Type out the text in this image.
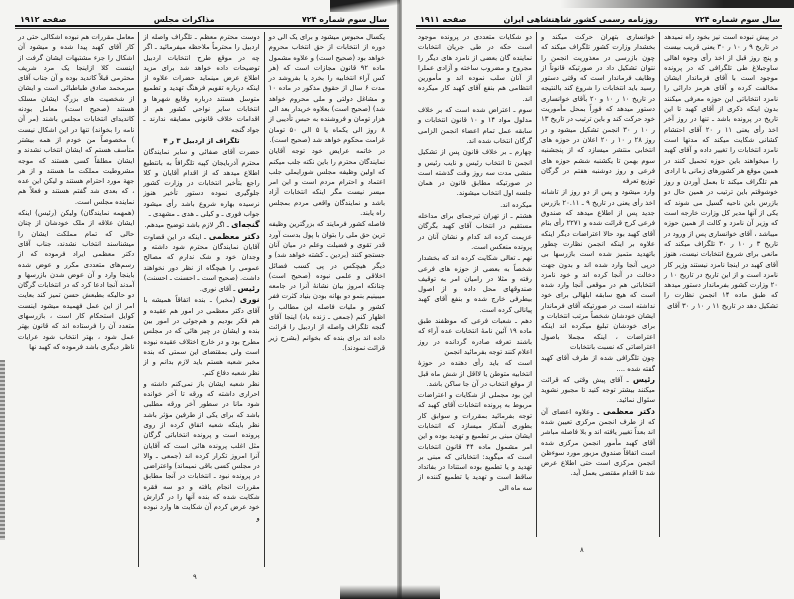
سال سوم شماره ۷۲۴
مذاکرات مجلس
صفحه ۱۹۱۲

یکسال محبوس میشود و برای یک الی دو دوره از انتخابات از حق انتخاب محروم خواهد بود (صحیح است) و علاوه مشمول ماده ۹۲ قانون مجازات است که (هر کس آراء انتخابیه را بخرد یا بفروشد در مدت ۶ سال از حقوق مذکور در ماده ۱۰ و مشاغل دولتی و ملی محروم خواهد شد) (صحیح است) بعلاوه خریدار بعد الی هزار تومان و فروشنده به حبس تأدیبی از ۸ روز الی یکماه یا ۵ الی ۵۰ تومان غرامت محکوم خواهد شد (صحیح است).

در خاتمه عرایض خود توجه آقایان نمایندگان محترم را باین نکته جلب میکنم که اولین وظیفه مجلس شورایملی جلب اعتماد و احترام مردم است و این امر میسر نیست مگر اینکه انتخابات آزاد باشد و نمایندگان واقعی مردم بمجلس راه یابند.

فاصله کشور فرمایند که بزرگترین وظیفه ترین حق ملی را بتوان با پول بدست آورد قدر تقوی و فضیلت وعلم در میان آنان جستجو کنند (بردین ـ کشته خواهد شد) و دیگر هیچکس در پی کسب فضائل اخلاقی و علمی نبوده (صحیح است) چنانکه امروز بیان نشانهٔ آنرا در جامعه میبینیم بنمو دو بهانه بودن بنیاد کثرت ففر کشور و ملیات فاصله این مطالب را اظهار کنم (جمعی ـ زنده باد) اینجا آقای گنجه تلگراف واصله از اردبیل را قرائت داده اند برای بنده که بخوانم (بشرح زیر قرائت نمودند).

دوست محترم معظم ـ تلگراف واصله از اردبیل را محترماً ملاحظه میفرمائید ـ اگر چه در موقع طرح انتخابات اردبیل توضیحات داده خواهد شد برای مزید اطلاع عرض مینماید حضرات علاوه از اینکه درباره تقویم فرهنگ تهدید و تطمیع متوسل هستند درباره وقایع شهرها و انتخابات سایر نواحی کشور هم از اقدامات خلاف قانونی مضایقه ندارند ـ جواد گنجه

تلگراف از اردبیل ۳ ر ۴

حضرت آقای صفائی و سایر نمایندگان محترم آذربایجان کپیه تلگرافاً به بانتطیع اطلاع میدهد که از اقدام آقایان و کلا راجع بتأخیر انتخابات در وزارت کشور جلوگیری نموده دستور تأخیر هنوز نرسیده بهاره شروع باشد رأی میشود جواب فوری ـ و کیلی ـ هدی ـ مشهدی ـ

گنجه‌ای ـ اگر لازم باشد توضیح میدهم.

دکتر معظمی ـ اینکه در این قضاوت آقایان نمایندگان محترم شود داشته و وجدان خود و شک ندارم که مصالح عمومی را هیچگاه از نظر دور نخواهند داشت. (صحیح است ـ احسنت ـ احسنت)

رئیس ـ آقای نوری.

نوری (مخبر) ـ بنده اتفاقاً همیشه با آقای دکتر معظمی در امور هم عقیده و هم فکر بودیم و هم‌جوئی در امور بین بنده و ایشان در چیز هائی که در مجلس مطرح بود و در خارج اختلاف عقیده نبوده است ولی بمقتضای این سمتی که بنده مخبر شعبه هستم باید لازم بدانم و از نظر شعبه دفاع کنم.

نظر شعبه ایشان باز نمی‌کنم داشته و احراری داشته که ورقه تا آخر خوانده شود مانا در سطور آخر ورقه مطلبی باشد که برای یکی از طرفین مؤثر باشد نظر باینکه شعبه اتفاق کرده از روی پرونده است و پرونده انتخاباتی گرگان مثل اغلب پرونده هائی است که آقایان آنرا امروز تکرار کرده اند (جمعی ـ والا در مجلس کسی باقی نمیماند) واعتراضی در پرونده نبود ـ انتخابات در آنجا مطابق مقررات انجام یافته و دو سه فقره شکایت شده که بنده آنها را در گزارش خود عرض کردم آن شکایت ها وارد نبوده و

معامل مقررات هم نبوده اشکالی حتی در کار آقای کهبد پیدا شده و میشود آن اشکال را جزء مشتبهات ایشان گرفت از اینست کلا ازاینجا یک مرد شریف محترمی قبلاً کاندید بوده و آن جناب آقای میرمحمد صادق طباطبائی است و ایشان از شخصیت های بزرگ ایشان مسلک هستند (صحیح است) معامل بودنه کاندیدای انتخابات مجلس باشند (مر آن نامه را بخواند) تنها در این اشکال نیست ) مخصوصاً من خودم از همه بیشتر متأسف هستم که ایشان انتخاب نشدند و ایشان مطلقاً کسی هستند که موجه مشروطیت مملکت ما هستند و از هر جهة مورد احترام هستند و لیکن این عده ، که بعدی شد گفتم هستند و فعلاً هم نماینده مجلس است.

(همهمه نمایندگان) ولیکن (رئیس) اینکه ایشان علاقه از ملک خودشان از چنان حالی که تمام مملکت ایشان را میشناسند انتخاب نشدند، جناب آقای دکتر معظمی ایراد فرموده که از رسم‌های متعددی مکرر و عوض شده باینجا وارد و آن عوض شدن بازرسها و آمدند آنجا ادعا کرد که در انتخابات گرگان دو حالیکه بطبعش حسن تمیز کند بعایت امر از این عمل فهمیده میشود اینست کوایل استحکام کار است ، بازرسهای متعدد آن را فرستاده اند که قانون بهتر عمل شود ، بهتر انتخاب شود عرایات ناظر دیگری باشد فرموده که کهبد نها

۹
سال سوم شماره ۷۲۴
روزنامه رسمی کشور شاهنشاهی ایران
صفحه ۱۹۱۱

در پیش نبوده است نیز بخود راه نمیدهد در تاریخ ۹ ر ۱۰ ر ۳۰ یعنی قریب بیست و پنج روز قبل از اخذ رأی وجوه اهالی ساوجبلاغ طی تلگرافی که در پرونده موجود است با آقای فرماندار ایشان مخالفت کرده و آقای هرمز دارائی را نامزد انتخاباتی این حوزه معرفی میکنند بدون اینکه ذکری از آقای کهبد تا این تاریخ در پرونده باشد ـ تنها در روز آخر اخذ رأی یعنی ۱۱ ر ۲۰ آقای احتشام کشانی شکایت میکند که مدتها است نامزد انتخابات را تغییر داده و آقای کهبد را میخواهند باین حوزه تحمیل کنند در همین موقع هر کشورهای زمانی با ارادی

هم تلگراف میکند تا بعمل آوردن و روز خوشوقتم باین ترتیب در همین حال دو بازرس باین ناحیه گسیل می شوند که یکی از آنها مدیر کل وزارت خارجه است که وزیر آن نامزد و کالت از همین حوزه میباشد ، آقای خوانساری پس از ورود در تاریخ ۳ ر ۱۰ ر ۳۰ تلگراف میکند که مانعی برای شروع انتخابات نیست، هنوز آقای کهبد در اینجا نامزد نیستند وزیر کار نامزد است و از این تاریخ در تاریخ ۱۰ ر ۲۰ وزارت کشور بفرماندار دستور میدهد که طبق ماده ۱۴ انجمن نظارت را تشکیل دهد در تاریخ ۱۱ ر ۱۰ ر ۳۰ آقای

خوانساری بتهران حرکت میکند و بخشدار وزارت کشور تلگراف میکند که چون بازرسی در معذوریت انجمن را نتوان تشکیل داد در صورتیکه قانوناً از وظایف فرماندار است که وقتی دستور رسید باید انتخابات را شروع کند بالنتیجه در تاریخ ۱۰ ر ۱۰ و ۲۰ بآقای خوانساری دستور میدهد که فوراً بمحل مأموریت خود حرکت کند و باین ترتیب در تاریخ ۱۳ ر ۱۰ ر ۳۰ انجمن تشکیل میشود و در روز ۲۸ ر ۱۰ ر ۲۰ اعلان در حوزه های انتخابی منتشر میسازد که از پنجشنبه سوم بهمن تا یکشنبه ششم حوزه های فرعی و روز دوشنبه هفتم در گرگان توزیع تعرفه

وارد میشود و پس از دو روز از تاشانه اخذ رأی یعنی در تاریخ ۹ ـ ۲۰.۱۱ بازرس جدید پس از اطلاع میدهد که صندوق فرعی کرج قرائت شده و ۲۲۷۱ رأی بنام آقای کهبد بود حالا اعتراضات دیگر اینکه علاوه بر اینکه انجمن نظارت چطور باتهدید متمیز شده است بازرسها بی درپی آنجا وارد شده اند و بدون جهت دخالت در آنجا کرده اند و خود نامزد انتخاباتی هم در موقعی آنجا وارد شده است که هیچ سابقه ابلهالی برای خود نداشته است در صورتیکه آقای فرماندار ایشان خودشان شخصاً مرتب انتخابات و برای خودشان تبلیغ میکرده اند اینکه اعتراضات ، اینکه مجملا باصول اعتراضاتی که نسبت بانتخابات

چون تلگرافی شده از طرف آقای کهبد گفته شده ....

رئیس ـ آقای پیش وقتی که قرائت میکنند بیشتر توجه کنید تا مجبور نشوید سئوال نمائید.

دکتر معظمی ـ وعلاوه اعضای آن که از طرف انجمن مرکزی تعیین شده اند بعداً تغییر یافته اند و بلا فاصله مباشر آقای کهبد مأمور انجمن مرکزی شده است اتفاقاً صندوق مزبور مورد سوءظن انجمن مرکزی است حتی اطلاع عرض شد تا اقدام مقتضی بعمل آید.

دو شکایات متعددی در پرونده موجود است حکه در طی جریان انتخابات نماینده گان بعضی از نامزد های دیگر را مجروح و مضروب ساخته و آزادی عملرا از آنان سلب نموده اند و مأمورین انتظامی هم بنفع آقای کهبد کار میکرده اند.

سوم ـ اعتراض شده است که بر خلاف مدلول مواد ۱۴ و ۱۰ قانون انتخابات و سابقه عمل تمام اعضاء انجمن الزامی گرگان انتخاب شده اند.

چهارم ـ بر خلاف قانون پس از تشکیل انجمن تا انتخاب رئیس و نایب رئیس و منشی مدت سه روز وقت گذشته است در صورتیکه مطابق قانون در همان جلسه اول انتخاب میشوند.

میکرده اند.

هشتم ـ از تهران تیرجمای برای مداخله مستقیم در انتخاب آقای کهبد بگرگان عزیمت کرده اند کدام و نشان آنان در پرونده منعکس است.

نهم ـ تعالی شکایت کرده اند که بخشدار شخصاً به بعضی از حوزه های فرعی رفته و مثلا در رامیان امر به توقیف صندوقهای محل داده و از اصول بیطرفی خارج شده و بنفع آقای کهبد پیانالی کرده است.

دهم ـ شعبات فرعی که موظفند طبق ماده ۱۹ آئین نامهٔ انتخابات عده آراء که باشند تعرفه صادره گردانده در روز اعلام کنند توجه بفرمائید انجمن

است که باید رأی دهنده در حوزهٔ انتخابیه متوطن یا لااقل از شش ماه قبل از موقع انتخاب در آن جا ساکن باشد.

این بود مجملی از شکایات و اعتراضات مربوط به پرونده انتخابات آقای کهبد که توجه بفرمائید بمقررات و سوابق کار بطوری آشکار میسازد که انتخابات ایشان مبنی بر تطمیع و تهدید بوده و این امر مشمول ماده ۴۴ قانون انتخابات است که میگوید: انتخاباتی که مبنی بر تهدید و یا تطمیع بوده استنادا در بفاتداد ساقط است و تهدید یا تطمیع کننده از سه ماه الی

۸
